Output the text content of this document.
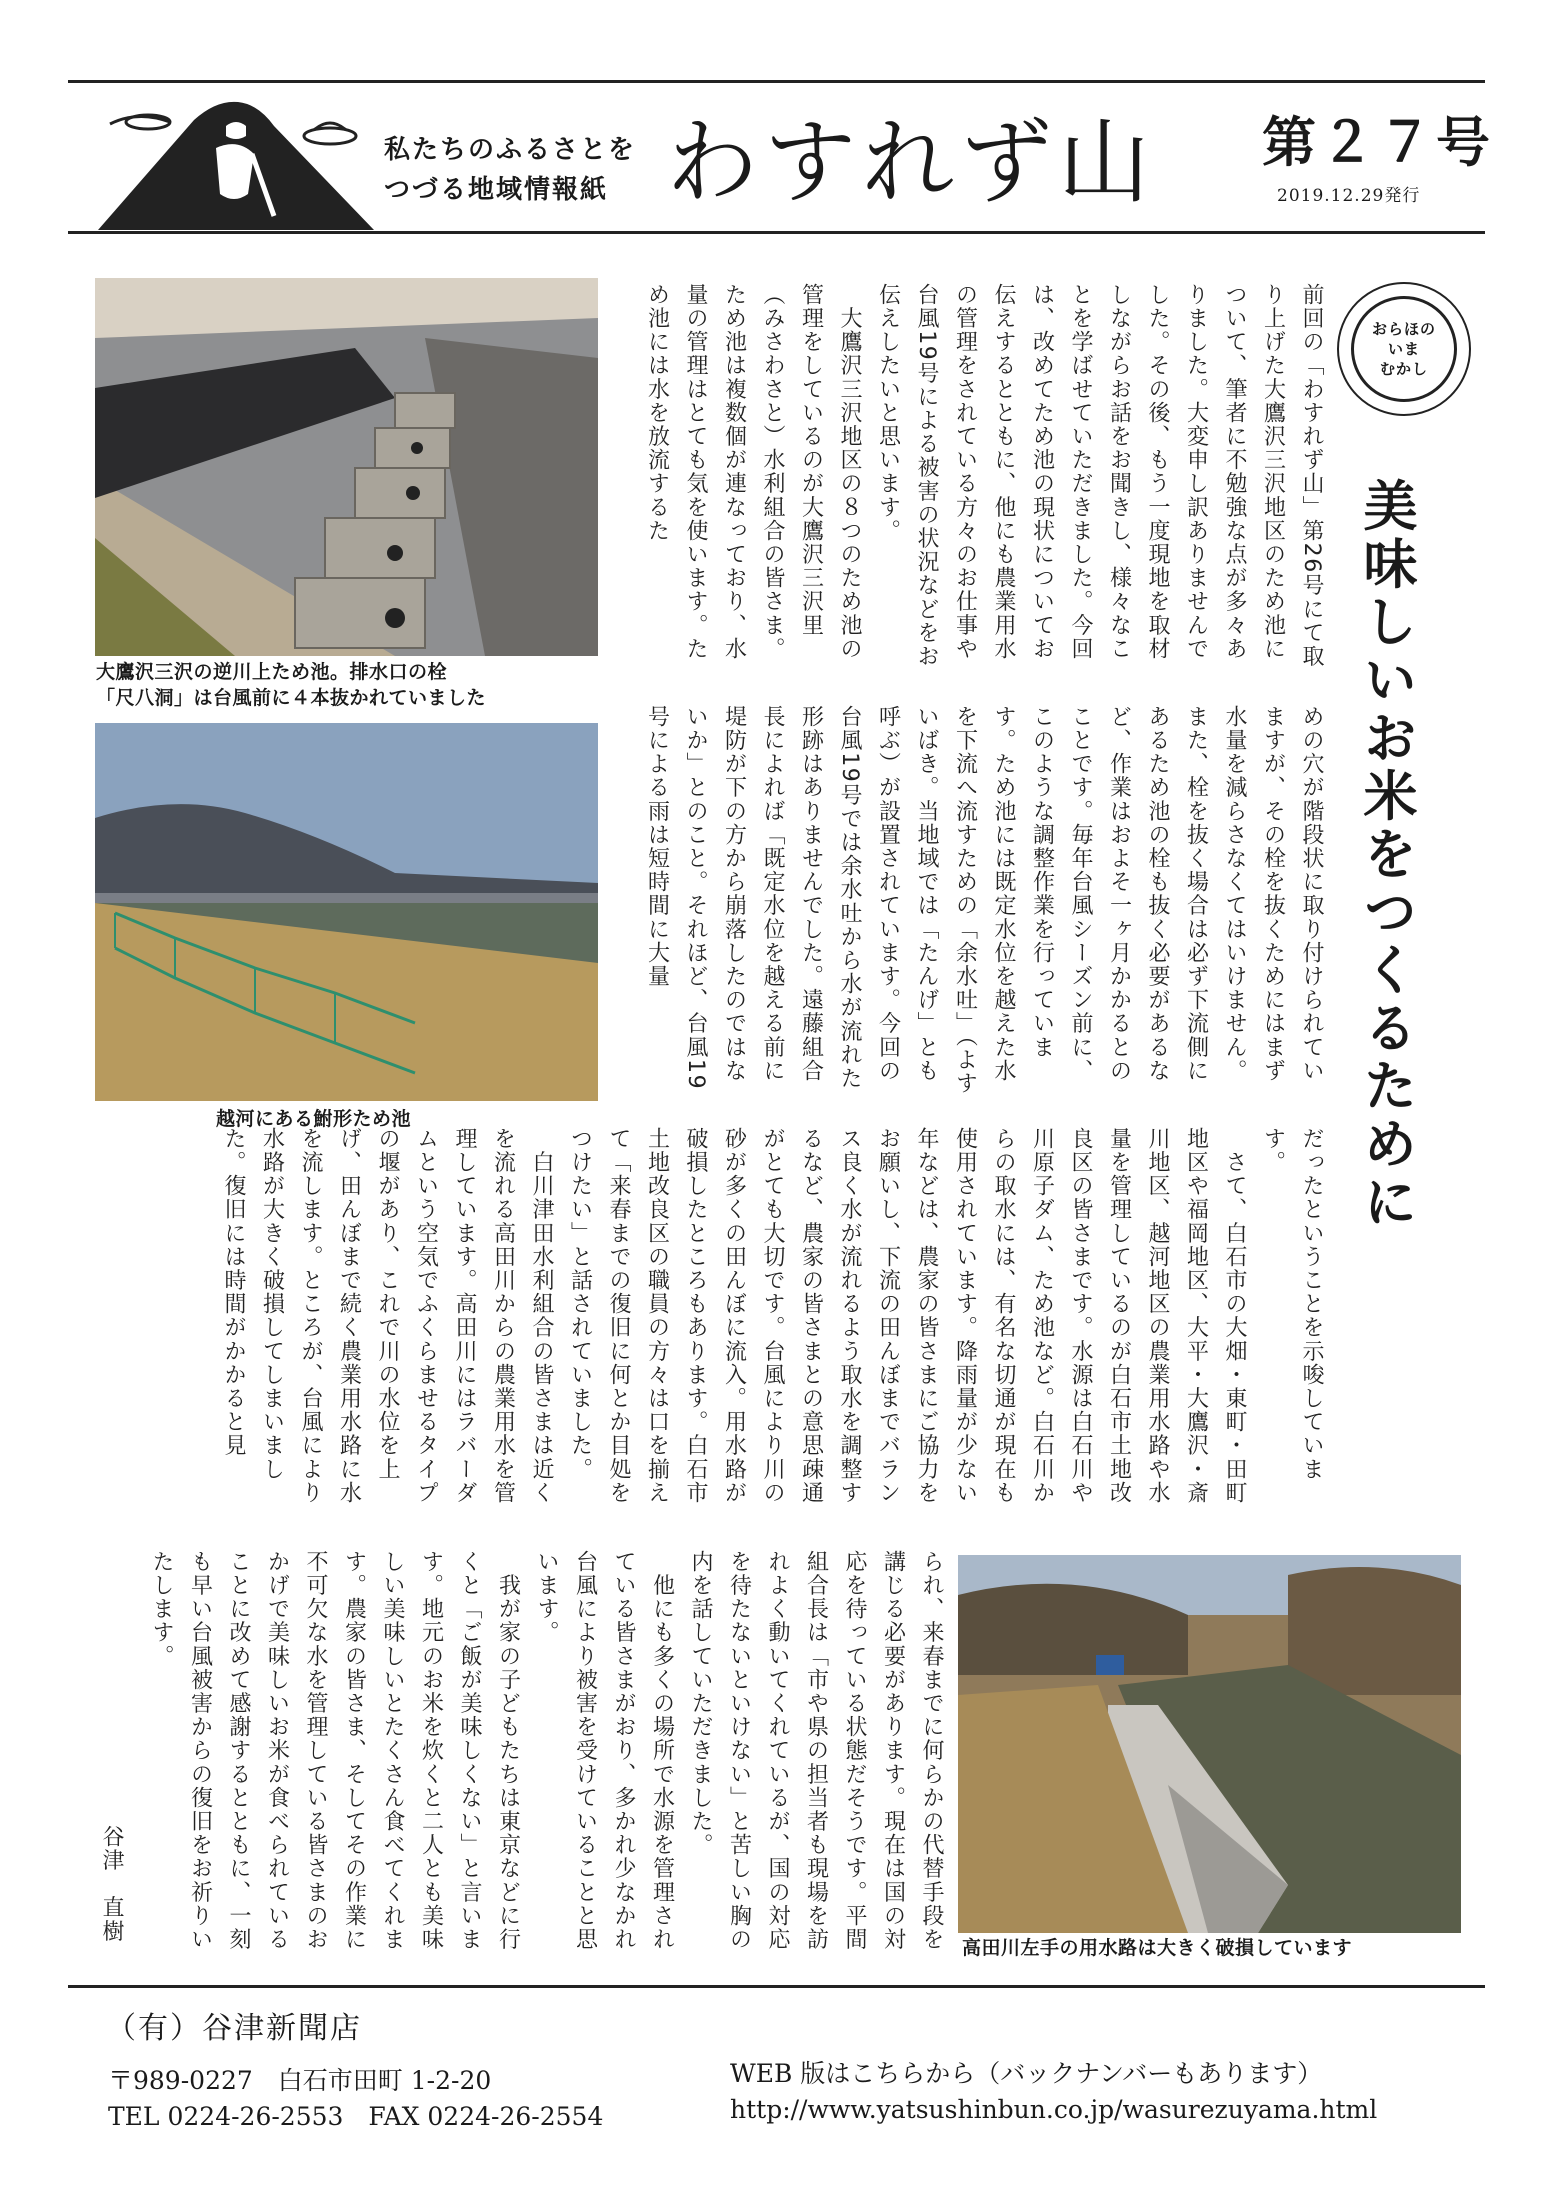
私たちのふるさとを
つづる地域情報紙 わすれず山 第２７号
2019.12.29発行
大鷹沢三沢の逆川上ため池。排水口の栓
「尺八洞」は台風前に４本抜かれていました
越河にある鮒形ため池
高田川左手の用水路は大きく破損しています
おらほの
いま
むかし

美味しいお米をつくるために

前回の「わすれず山」第26号にて取り上げた大鷹沢三沢地区のため池について、筆者に不勉強な点が多々ありました。大変申し訳ありませんでした。その後、もう一度現地を取材しながらお話をお聞きし、様々なことを学ばせていただきました。今回は、改めてため池の現状についてお伝えするとともに、他にも農業用水の管理をされている方々のお仕事や台風19号による被害の状況などをお伝えしたいと思います。
　大鷹沢三沢地区の８つのため池の管理をしているのが大鷹沢三沢里（みさわさと）水利組合の皆さま。ため池は複数個が連なっており、水量の管理はとても気を使います。ため池には水を放流するた
めの穴が階段状に取り付けられていますが、その栓を抜くためにはまず水量を減らさなくてはいけません。また、栓を抜く場合は必ず下流側にあるため池の栓も抜く必要があるなど、作業はおよそ一ヶ月かかるとのことです。毎年台風シーズン前に、このような調整作業を行っています。ため池には既定水位を越えた水を下流へ流すための「余水吐」（よすいばき。当地域では「たんげ」とも呼ぶ）が設置されています。今回の台風19号では余水吐から水が流れた形跡はありませんでした。遠藤組合長によれば「既定水位を越える前に堤防が下の方から崩落したのではないか」とのこと。それほど、台風19号による雨は短時間に大量
だったということを示唆しています。
　さて、白石市の大畑・東町・田町地区や福岡地区、大平・大鷹沢・斎川地区、越河地区の農業用水路や水量を管理しているのが白石市土地改良区の皆さまです。水源は白石川や川原子ダム、ため池など。白石川からの取水には、有名な切通が現在も使用されています。降雨量が少ない年などは、農家の皆さまにご協力をお願いし、下流の田んぼまでバランス良く水が流れるよう取水を調整するなど、農家の皆さまとの意思疎通がとても大切です。台風により川の砂が多くの田んぼに流入。用水路が破損したところもあります。白石市土地改良区の職員の方々は口を揃えて「来春までの復旧に何とか目処をつけたい」と話されていました。
　白川津田水利組合の皆さまは近くを流れる高田川からの農業用水を管理しています。高田川にはラバーダムという空気でふくらませるタイプの堰があり、これで川の水位を上げ、田んぼまで続く農業用水路に水を流します。ところが、台風により水路が大きく破損してしまいました。復旧には時間がかかると見
られ、来春までに何らかの代替手段を講じる必要があります。現在は国の対応を待っている状態だそうです。平間組合長は「市や県の担当者も現場を訪れよく動いてくれているが、国の対応を待たないといけない」と苦しい胸の内を話していただきました。
　他にも多くの場所で水源を管理されている皆さまがおり、多かれ少なかれ台風により被害を受けていることと思います。
　我が家の子どもたちは東京などに行くと「ご飯が美味しくない」と言います。地元のお米を炊くと二人とも美味しい美味しいとたくさん食べてくれます。農家の皆さま、そしてその作業に不可欠な水を管理している皆さまのおかげで美味しいお米が食べられていることに改めて感謝するとともに、一刻も早い台風被害からの復旧をお祈りいたします。
谷津　直樹
（有）谷津新聞店
〒989-0227　白石市田町 1-2-20
TEL 0224-26-2553　FAX 0224-26-2554
WEB 版はこちらから（バックナンバーもあります）
http://www.yatsushinbun.co.jp/wasurezuyama.html
